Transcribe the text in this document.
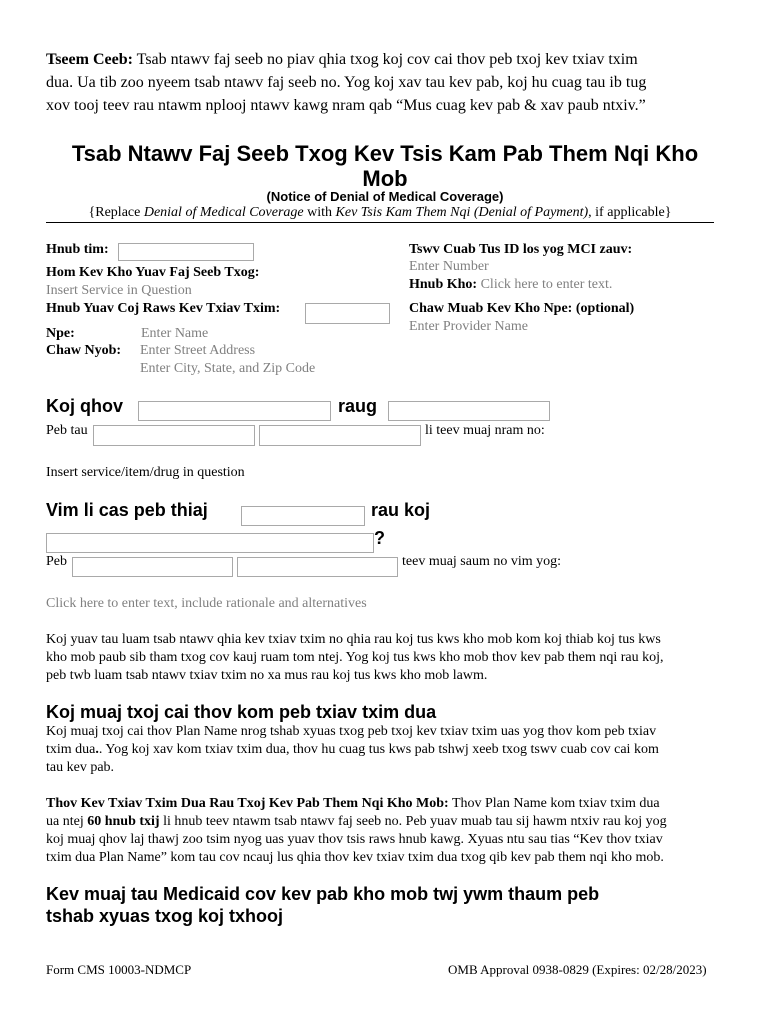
Tseem Ceeb: Tsab ntawv faj seeb no piav qhia txog koj cov cai thov peb txoj kev txiav txim
dua. Ua tib zoo nyeem tsab ntawv faj seeb no. Yog koj xav tau kev pab, koj hu cuag tau ib tug
xov tooj teev rau ntawm nplooj ntawv kawg nram qab “Mus cuag kev pab & xav paub ntxiv.”
Tsab Ntawv Faj Seeb Txog Kev Tsis Kam Pab Them Nqi Kho
Mob
(Notice of Denial of Medical Coverage)
{Replace Denial of Medical Coverage with Kev Tsis Kam Them Nqi (Denial of Payment), if applicable}
Hnub tim:
Hom Kev Kho Yuav Faj Seeb Txog:
Insert Service in Question
Hnub Yuav Coj Raws Kev Txiav Txim:
Npe:	Enter Name
Chaw Nyob: Enter Street Address
Enter City, State, and Zip Code
Tswv Cuab Tus ID los yog MCI zauv:
Enter Number
Hnub Kho: Click here to enter text.
Chaw Muab Kev Kho Npe: (optional)
Enter Provider Name
Koj qhov	raug
Peb tau	li teev muaj nram no:
Insert service/item/drug in question
Vim li cas peb thiaj	rau koj
?
Peb	teev muaj saum no vim yog:
Click here to enter text, include rationale and alternatives
Koj yuav tau luam tsab ntawv qhia kev txiav txim no qhia rau koj tus kws kho mob kom koj thiab koj tus kws
kho mob paub sib tham txog cov kauj ruam tom ntej. Yog koj tus kws kho mob thov kev pab them nqi rau koj,
peb twb luam tsab ntawv txiav txim no xa mus rau koj tus kws kho mob lawm.
Koj muaj txoj cai thov kom peb txiav txim dua
Koj muaj txoj cai thov Plan Name nrog tshab xyuas txog peb txoj kev txiav txim uas yog thov kom peb txiav
txim dua.. Yog koj xav kom txiav txim dua, thov hu cuag tus kws pab tshwj xeeb txog tswv cuab cov cai kom
tau kev pab.
Thov Kev Txiav Txim Dua Rau Txoj Kev Pab Them Nqi Kho Mob: Thov Plan Name kom txiav txim dua
ua ntej 60 hnub txij li hnub teev ntawm tsab ntawv faj seeb no. Peb yuav muab tau sij hawm ntxiv rau koj yog
koj muaj qhov laj thawj zoo tsim nyog uas yuav thov tsis raws hnub kawg. Xyuas ntu sau tias “Kev thov txiav
txim dua Plan Name” kom tau cov ncauj lus qhia thov kev txiav txim dua txog qib kev pab them nqi kho mob.
Kev muaj tau Medicaid cov kev pab kho mob twj ywm thaum peb
tshab xyuas txog koj txhooj
Form CMS 10003-NDMCP	OMB Approval 0938-0829 (Expires: 02/28/2023)
